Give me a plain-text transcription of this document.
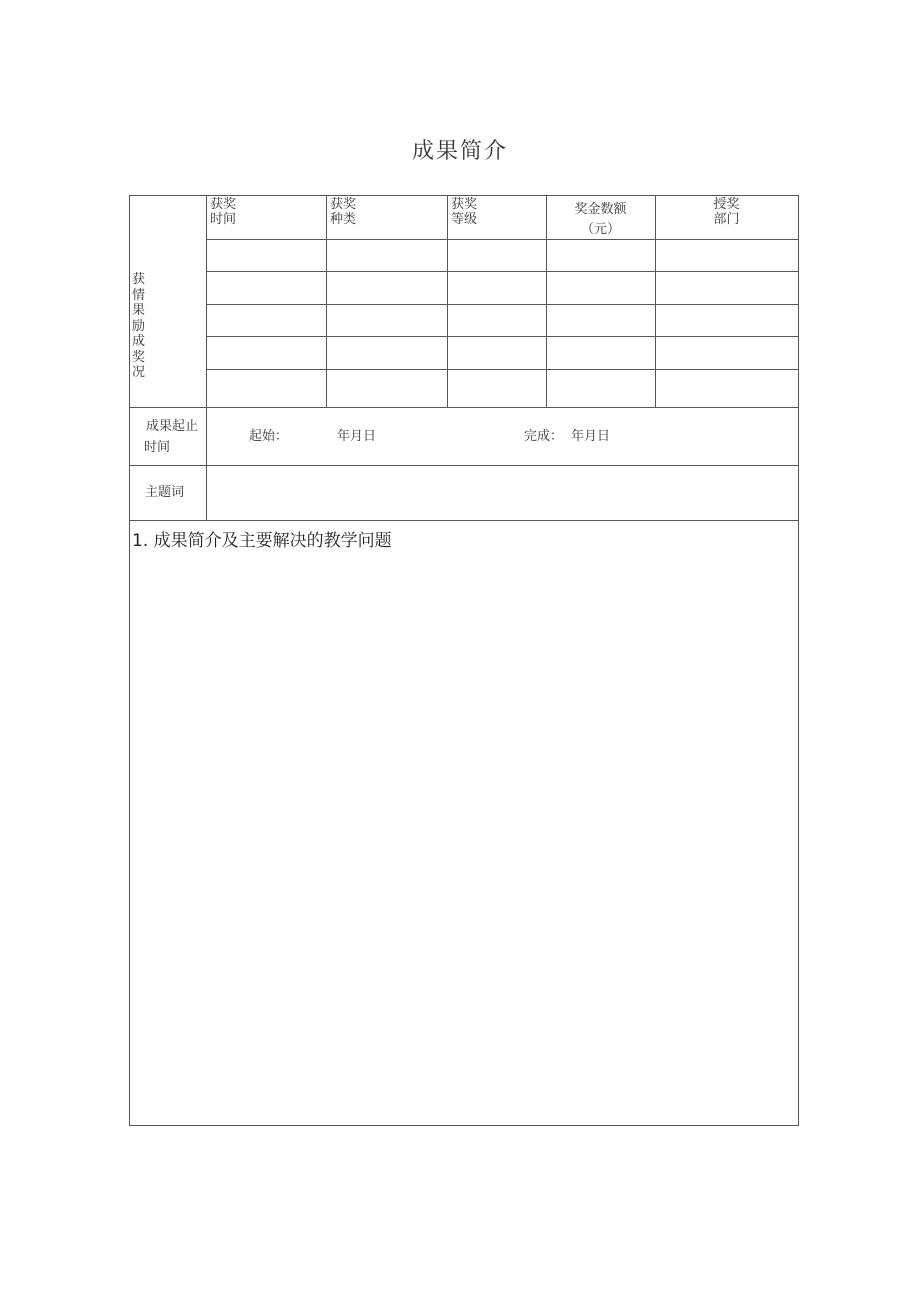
成果简介
获情果励成奖况
获奖
时间
获奖
种类
获奖
等级
奖金数额
（元）
授奖
部门
成果起止
时间
起始：	年月日	完成： 年月日
主题词
1. 成果简介及主要解决的教学问题
